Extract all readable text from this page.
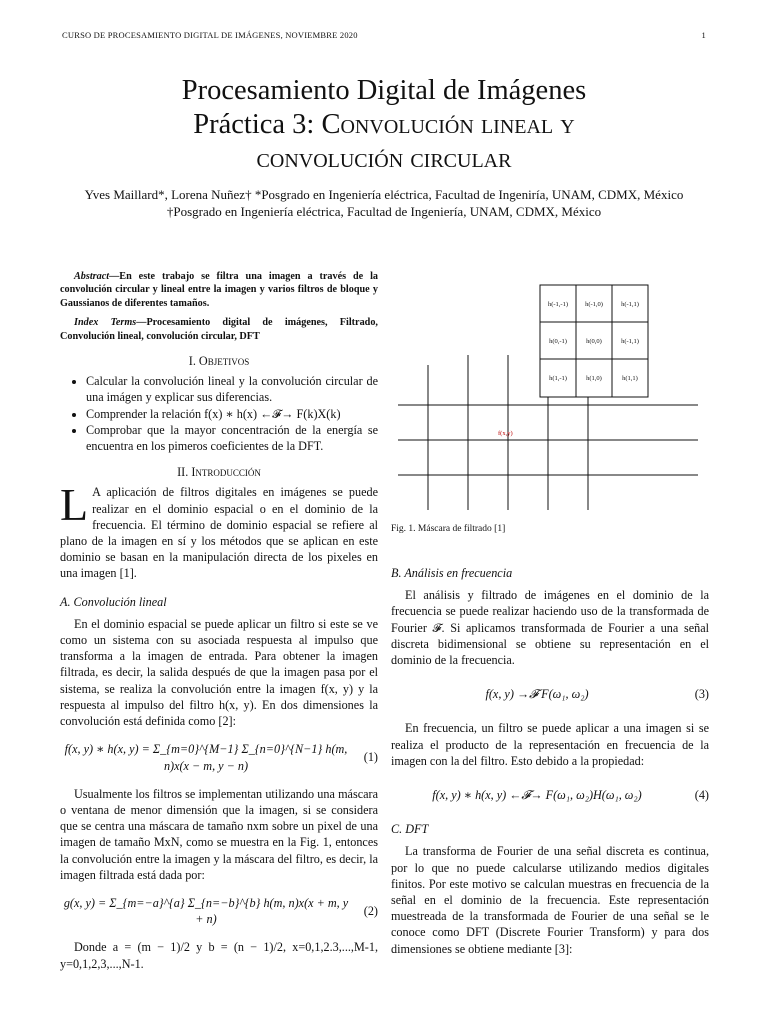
CURSO DE PROCESAMIENTO DIGITAL DE IMÁGENES, NOVIEMBRE 2020	1
Procesamiento Digital de Imágenes
Práctica 3: Convolución lineal y
convolución circular
Yves Maillard*, Lorena Nuñez† *Posgrado en Ingeniería eléctrica, Facultad de Ingeniría, UNAM, CDMX, México
†Posgrado en Ingeniería eléctrica, Facultad de Ingeniería, UNAM, CDMX, México

Abstract—En este trabajo se filtra una imagen a través de la convolución circular y lineal entre la imagen y varios filtros de bloque y Gaussianos de diferentes tamaños.

Index Terms—Procesamiento digital de imágenes, Filtrado, Convolución lineal, convolución circular, DFT

I. Objetivos
• Calcular la convolución lineal y la convolución circular de una imágen y explicar sus diferencias.
• Comprender la relación f(x) ∗ h(x) ←𝓕→ F(k)X(k)
• Comprobar que la mayor concentración de la energía se encuentra en los pimeros coeficientes de la DFT.
II. Introducción

L A aplicación de filtros digitales en imágenes se puede realizar en el dominio espacial o en el dominio de la frecuencia. El término de dominio espacial se refiere al plano de la imagen en sí y los métodos que se aplican en este dominio se basan en la manipulación directa de los pixeles en una imagen [1].

A. Convolución lineal

En el dominio espacial se puede aplicar un filtro si este se ve como un sistema con su asociada respuesta al impulso que transforma a la imagen de entrada. Para obtener la imagen filtrada, es decir, la salida después de que la imagen pasa por el sistema, se realiza la convolución entre la imagen f(x, y) y la respuesta al impulso del filtro h(x, y). En dos dimensiones la convolución está definida como [2]:

f(x, y) ∗ h(x, y) = Σ_{m=0}^{M−1} Σ_{n=0}^{N−1} h(m, n)x(x − m, y − n)
(1)

Usualmente los filtros se implementan utilizando una máscara o ventana de menor dimensión que la imagen, si se considera que se centra una máscara de tamaño nxm sobre un pixel de una imagen de tamaño MxN, como se muestra en la Fig. 1, entonces la convolución entre la imagen y la máscara del filtro, es decir, la imagen filtrada está dada por:

g(x, y) = Σ_{m=−a}^{a} Σ_{n=−b}^{b} h(m, n)x(x + m, y + n)
(2)

Donde a = (m − 1)/2 y b = (n − 1)/2, x=0,1,2.3,...,M-1, y=0,1,2,3,...,N-1.

h(-1,-1)	h(-1,0)	h(-1,1)
h(0,-1)	h(0,0)	h(-1,1)
h(1,-1)	h(1,0)	h(1,1)
f(x,y)
Fig. 1. Máscara de filtrado [1]
B. Análisis en frecuencia

El análisis y filtrado de imágenes en el dominio de la frecuencia se puede realizar haciendo uso de la transformada de Fourier 𝓕. Si aplicamos transformada de Fourier a una señal discreta bidimensional se obtiene su representación en el dominio de la frecuencia.

f(x, y) →𝓕 F(ω₁, ω₂)	(3)

En frecuencia, un filtro se puede aplicar a una imagen si se realiza el producto de la representación en frecuencia de la imagen con la del filtro. Esto debido a la propiedad:

f(x, y) ∗ h(x, y) ←𝓕→ F(ω₁, ω₂)H(ω₁, ω₂)	(4)
C. DFT

La transforma de Fourier de una señal discreta es continua, por lo que no puede calcularse utilizando medios digitales finitos. Por este motivo se calculan muestras en frecuencia de la señal en el dominio de la frecuencia. Este representación muestreada de la transformada de Fourier de una señal se le conoce como DFT (Discrete Fourier Transform) y para dos dimensiones se obtiene mediante [3]:
